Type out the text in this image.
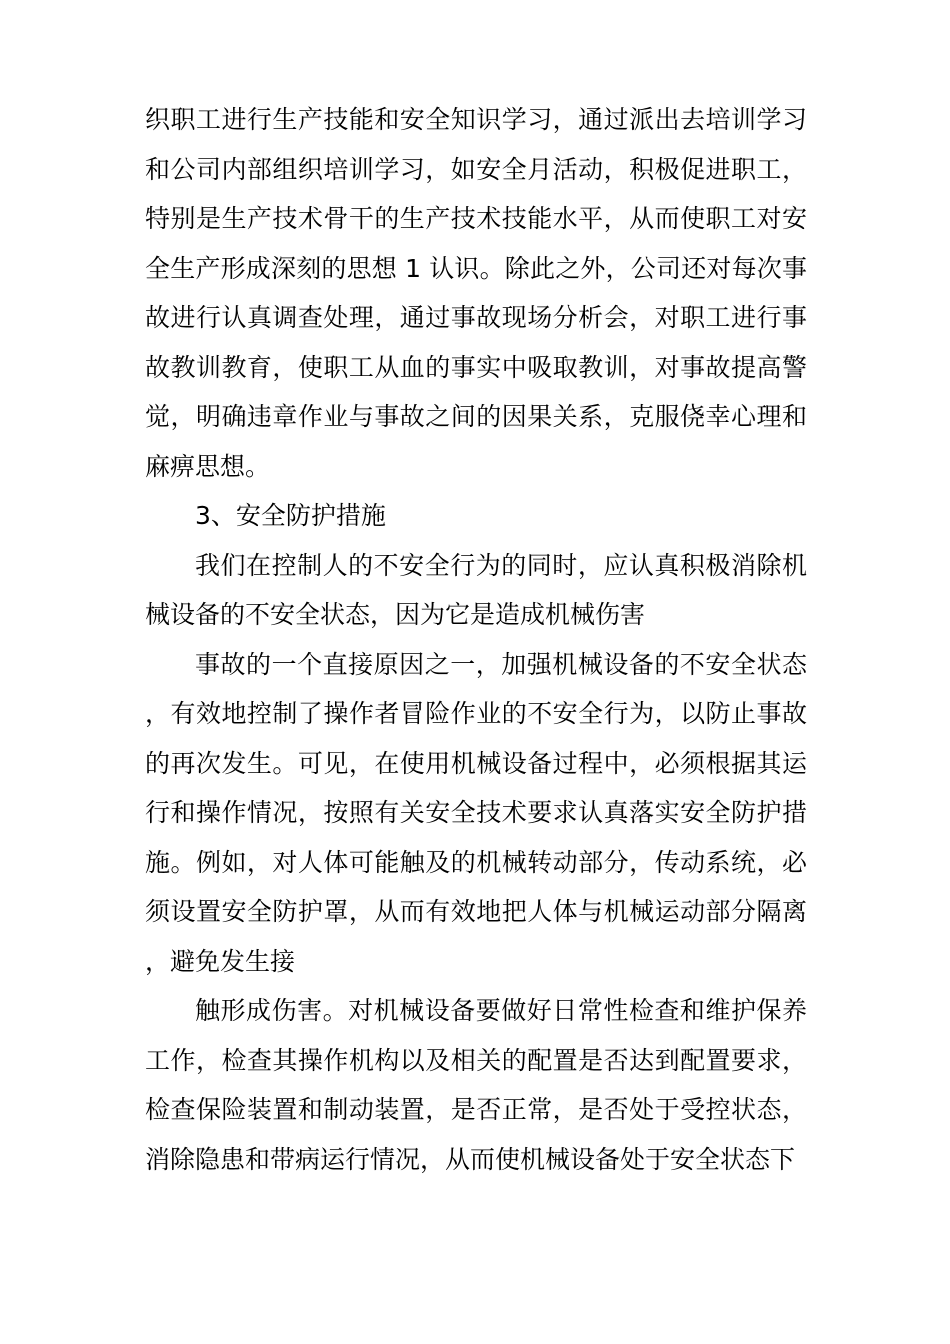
织职工进行生产技能和安全知识学习，通过派出去培训学习和公司内部组织培训学习，如安全月活动，积极促进职工，特别是生产技术骨干的生产技术技能水平，从而使职工对安全生产形成深刻的思想 1 认识。除此之外，公司还对每次事故进行认真调查处理，通过事故现场分析会，对职工进行事故教训教育，使职工从血的事实中吸取教训，对事故提高警觉，明确违章作业与事故之间的因果关系，克服侥幸心理和麻痹思想。

3、安全防护措施

我们在控制人的不安全行为的同时，应认真积极消除机械设备的不安全状态，因为它是造成机械伤害

事故的一个直接原因之一，加强机械设备的不安全状态，有效地控制了操作者冒险作业的不安全行为，以防止事故的再次发生。可见，在使用机械设备过程中，必须根据其运行和操作情况，按照有关安全技术要求认真落实安全防护措施。例如，对人体可能触及的机械转动部分，传动系统，必须设置安全防护罩，从而有效地把人体与机械运动部分隔离，避免发生接

触形成伤害。对机械设备要做好日常性检查和维护保养工作，检查其操作机构以及相关的配置是否达到配置要求，检查保险装置和制动装置，是否正常，是否处于受控状态，消除隐患和带病运行情况，从而使机械设备处于安全状态下
